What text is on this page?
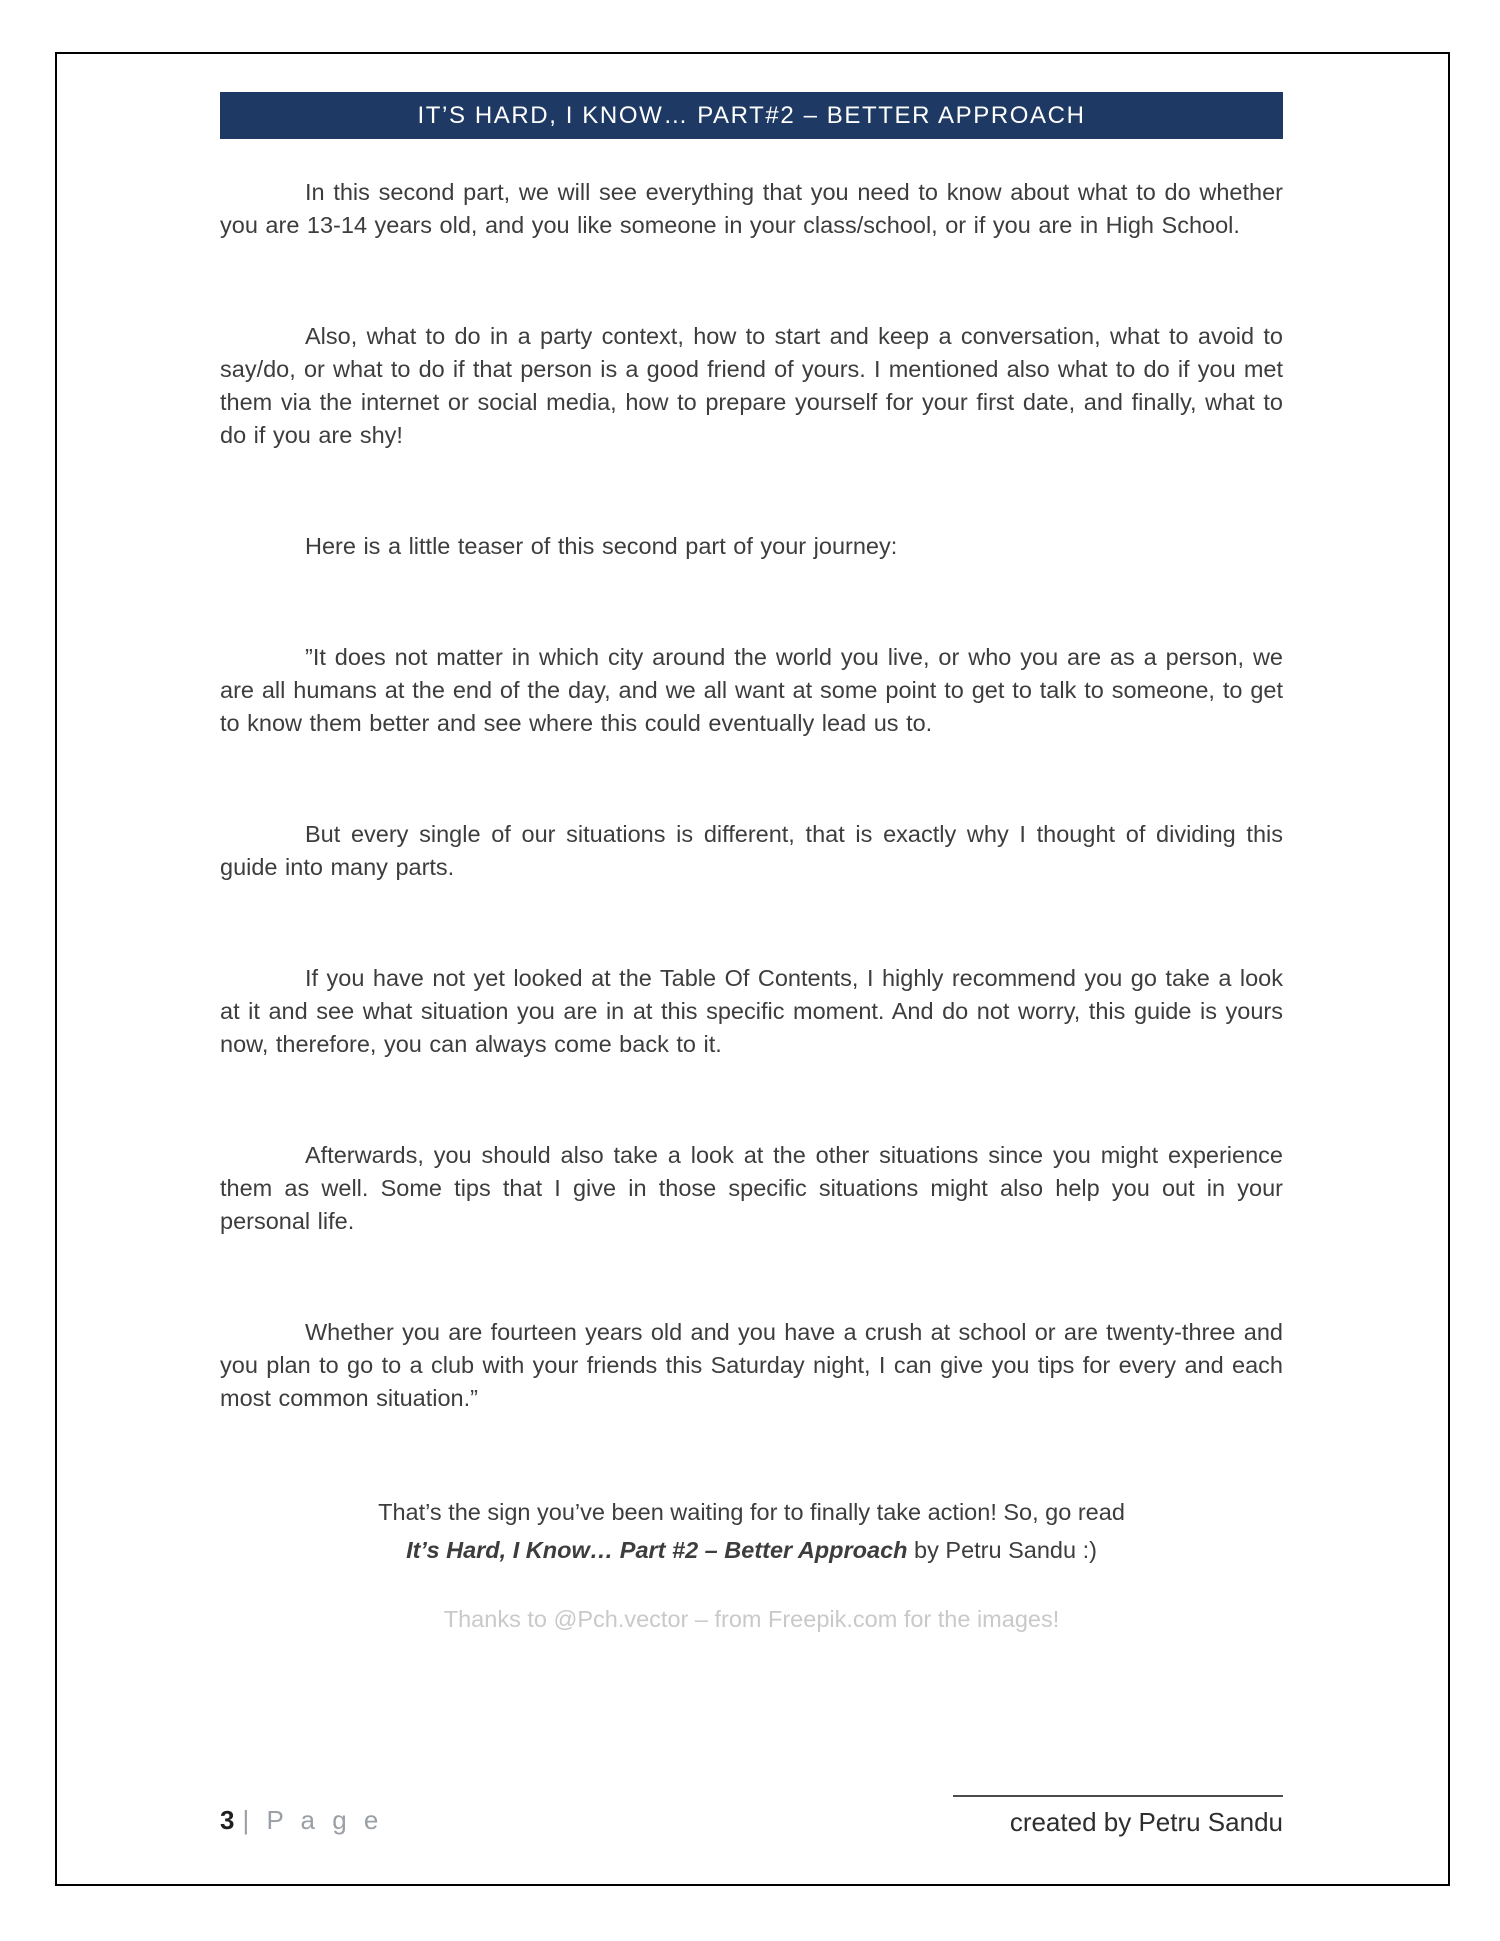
IT’S HARD, I KNOW… PART#2 – BETTER APPROACH

In this second part, we will see everything that you need to know about what to do whether you are 13-14 years old, and you like someone in your class/school, or if you are in High School.

Also, what to do in a party context, how to start and keep a conversation, what to avoid to say/do, or what to do if that person is a good friend of yours. I mentioned also what to do if you met them via the internet or social media, how to prepare yourself for your first date, and finally, what to do if you are shy!

Here is a little teaser of this second part of your journey:

”It does not matter in which city around the world you live, or who you are as a person, we are all humans at the end of the day, and we all want at some point to get to talk to someone, to get to know them better and see where this could eventually lead us to.

But every single of our situations is different, that is exactly why I thought of dividing this guide into many parts.

If you have not yet looked at the Table Of Contents, I highly recommend you go take a look at it and see what situation you are in at this specific moment. And do not worry, this guide is yours now, therefore, you can always come back to it.

Afterwards, you should also take a look at the other situations since you might experience them as well. Some tips that I give in those specific situations might also help you out in your personal life.

Whether you are fourteen years old and you have a crush at school or are twenty-three and you plan to go to a club with your friends this Saturday night, I can give you tips for every and each most common situation.”

That’s the sign you’ve been waiting for to finally take action! So, go read
It’s Hard, I Know… Part #2 – Better Approach by Petru Sandu :)

Thanks to @Pch.vector – from Freepik.com for the images!

3 | P a g e	created by Petru Sandu
